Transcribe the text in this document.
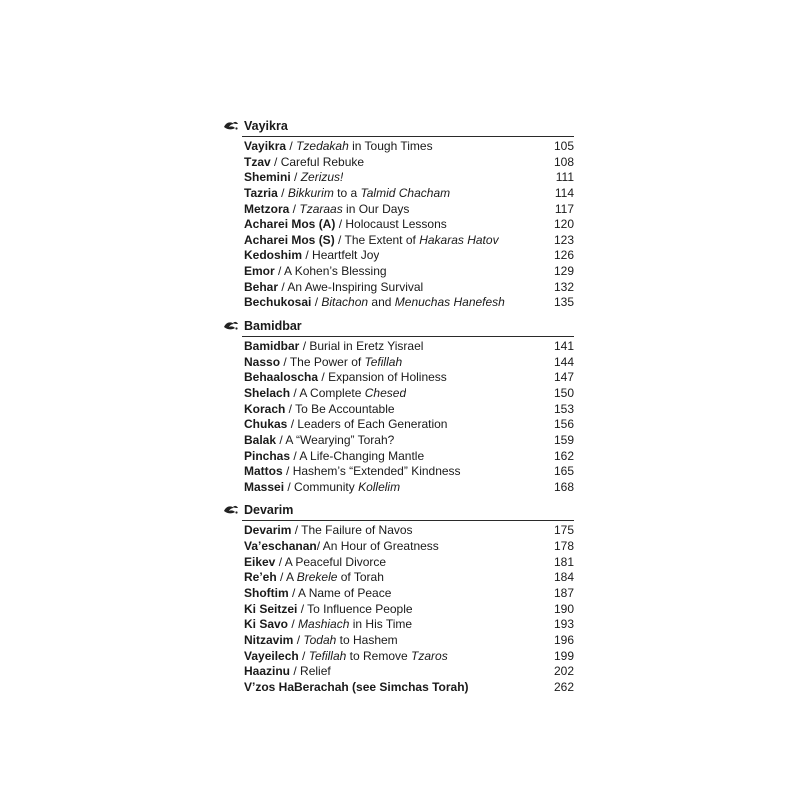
Vayikra
Vayikra / Tzedakah in Tough Times	105
Tzav / Careful Rebuke	108
Shemini / Zerizus!	111
Tazria / Bikkurim to a Talmid Chacham	114
Metzora / Tzaraas in Our Days	117
Acharei Mos (A) / Holocaust Lessons	120
Acharei Mos (S) / The Extent of Hakaras Hatov	123
Kedoshim / Heartfelt Joy	126
Emor / A Kohen’s Blessing	129
Behar / An Awe-Inspiring Survival	132
Bechukosai / Bitachon and Menuchas Hanefesh	135
Bamidbar
Bamidbar / Burial in Eretz Yisrael	141
Nasso / The Power of Tefillah	144
Behaaloscha / Expansion of Holiness	147
Shelach / A Complete Chesed	150
Korach / To Be Accountable	153
Chukas / Leaders of Each Generation	156
Balak / A “Wearying” Torah?	159
Pinchas / A Life-Changing Mantle	162
Mattos / Hashem’s “Extended” Kindness	165
Massei / Community Kollelim	168
Devarim
Devarim / The Failure of Navos	175
Va’eschanan/ An Hour of Greatness	178
Eikev / A Peaceful Divorce	181
Re’eh / A Brekele of Torah	184
Shoftim / A Name of Peace	187
Ki Seitzei / To Influence People	190
Ki Savo / Mashiach in His Time	193
Nitzavim / Todah to Hashem	196
Vayeilech / Tefillah to Remove Tzaros	199
Haazinu / Relief	202
V’zos HaBerachah (see Simchas Torah)	262
